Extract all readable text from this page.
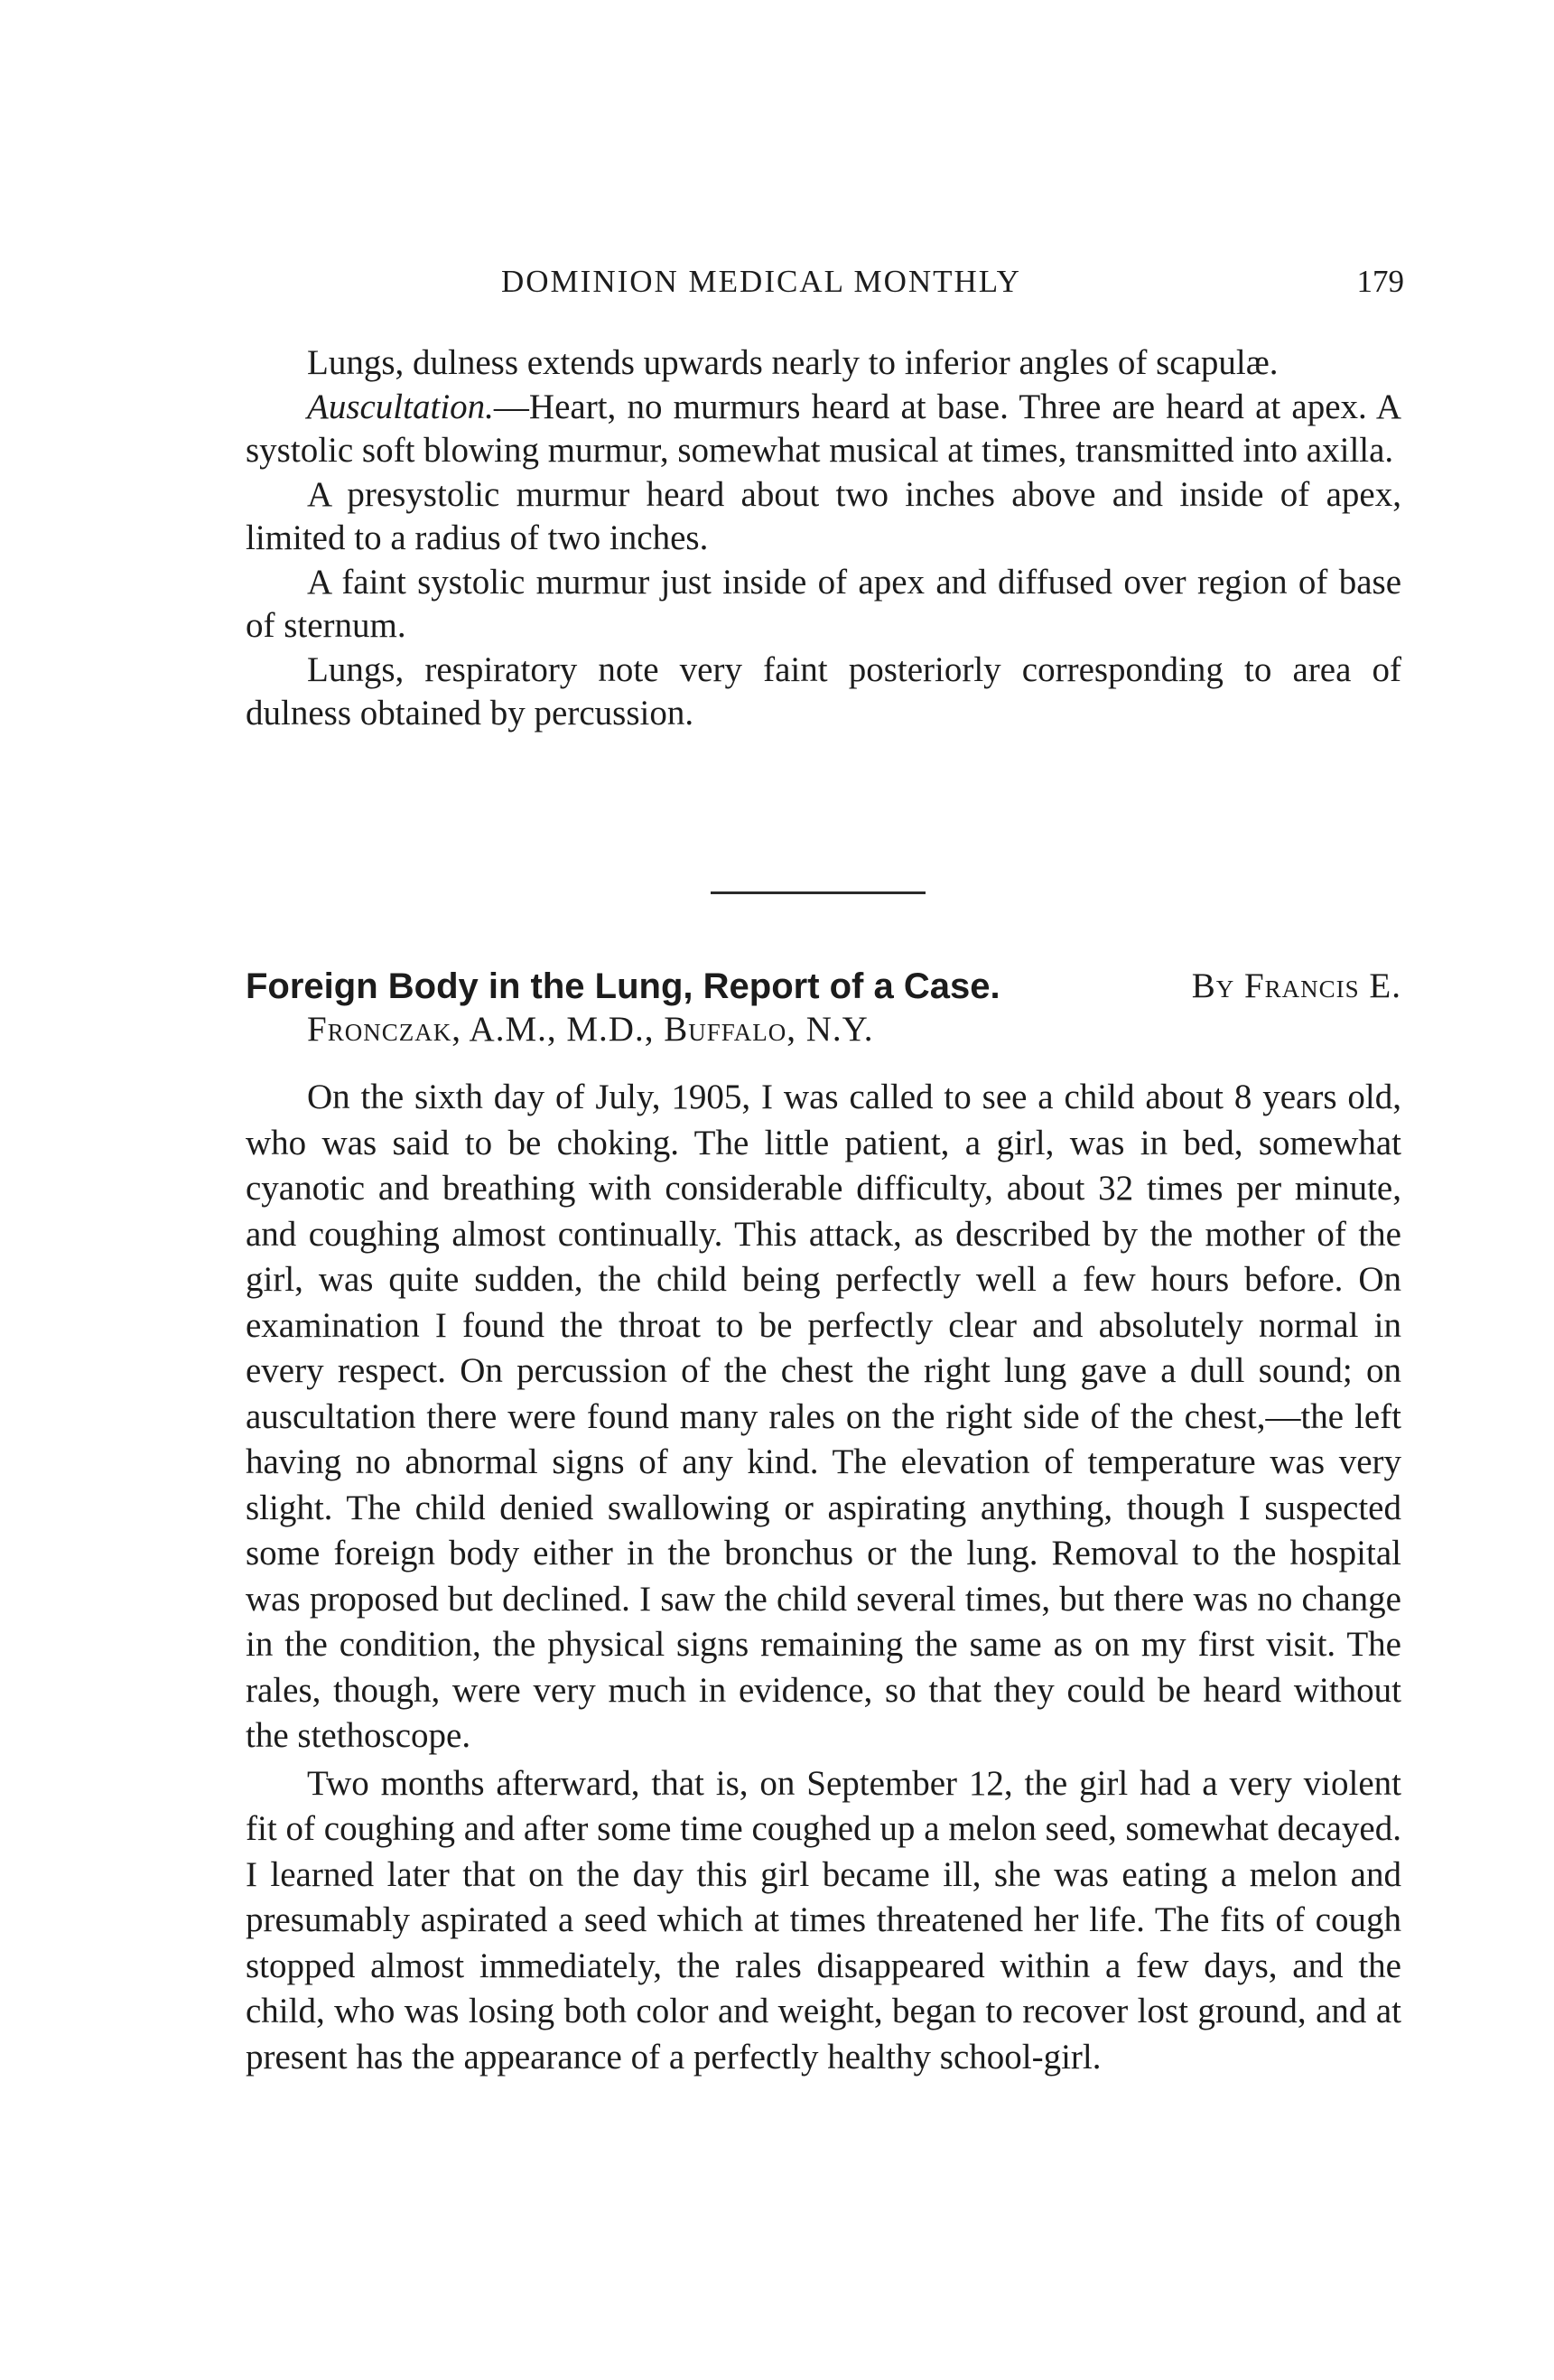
DOMINION MEDICAL MONTHLY	179

Lungs, dulness extends upwards nearly to inferior angles of scapulæ.

Auscultation.—Heart, no murmurs heard at base. Three are heard at apex. A systolic soft blowing murmur, somewhat musical at times, transmitted into axilla.

A presystolic murmur heard about two inches above and inside of apex, limited to a radius of two inches.

A faint systolic murmur just inside of apex and diffused over region of base of sternum.

Lungs, respiratory note very faint posteriorly corresponding to area of dulness obtained by percussion.

Foreign Body in the Lung, Report of a Case.	By Francis E.
Fronczak, A.M., M.D., Buffalo, N.Y.

On the sixth day of July, 1905, I was called to see a child about 8 years old, who was said to be choking. The little patient, a girl, was in bed, somewhat cyanotic and breathing with considerable difficulty, about 32 times per minute, and coughing almost continually. This attack, as described by the mother of the girl, was quite sudden, the child being perfectly well a few hours before. On examination I found the throat to be perfectly clear and absolutely normal in every respect. On percussion of the chest the right lung gave a dull sound; on auscultation there were found many rales on the right side of the chest,—the left having no abnormal signs of any kind. The elevation of temperature was very slight. The child denied swallowing or aspirating anything, though I suspected some foreign body either in the bronchus or the lung. Removal to the hospital was proposed but declined. I saw the child several times, but there was no change in the condition, the physical signs remaining the same as on my first visit. The rales, though, were very much in evidence, so that they could be heard without the stethoscope.

Two months afterward, that is, on September 12, the girl had a very violent fit of coughing and after some time coughed up a melon seed, somewhat decayed. I learned later that on the day this girl became ill, she was eating a melon and presumably aspirated a seed which at times threatened her life. The fits of cough stopped almost immediately, the rales disappeared within a few days, and the child, who was losing both color and weight, began to recover lost ground, and at present has the appearance of a perfectly healthy school-girl.
